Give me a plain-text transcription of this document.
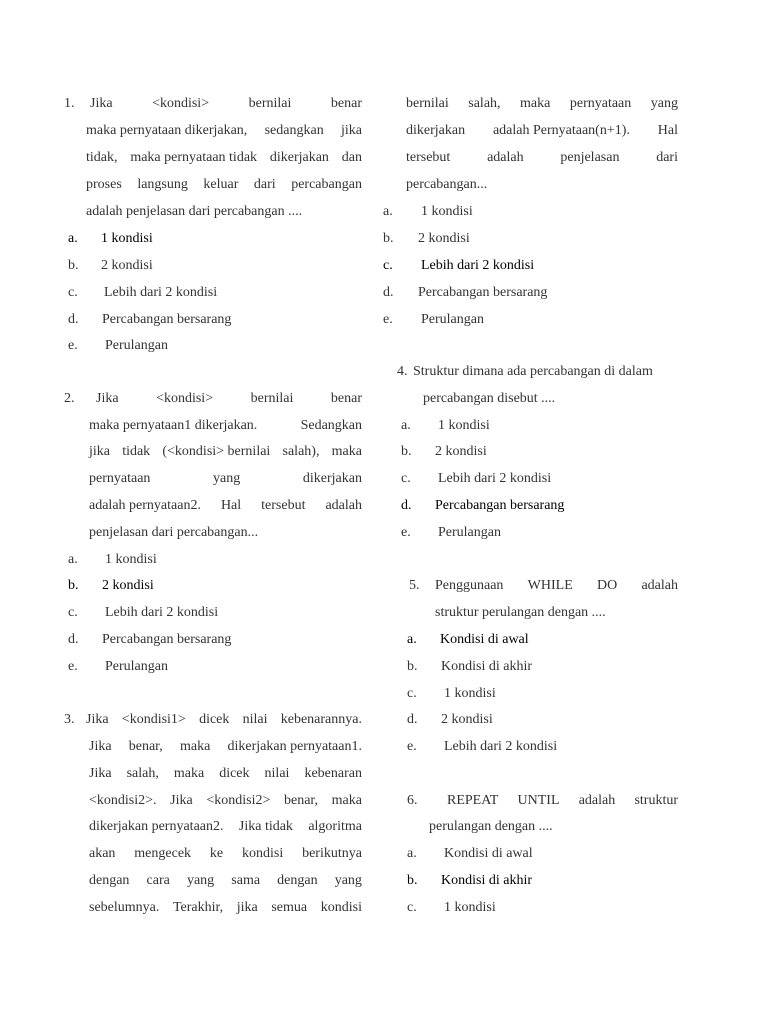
1. Jika	<kondisi>	bernilai	benar
maka pernyataan dikerjakan, sedangkan jika
tidak, maka pernyataan tidak dikerjakan dan
proses langsung keluar dari percabangan
adalah penjelasan dari percabangan ....
a. 1 kondisi
b. 2 kondisi
c. Lebih dari 2 kondisi
d. Percabangan bersarang
e. Perulangan
2. Jika	<kondisi>	bernilai	benar
maka pernyataan1 dikerjakan.	Sedangkan
jika tidak (<kondisi> bernilai salah), maka
pernyataan	yang	dikerjakan
adalah pernyataan2. Hal tersebut adalah
penjelasan dari percabangan...
a. 1 kondisi
b. 2 kondisi
c. Lebih dari 2 kondisi
d. Percabangan bersarang
e. Perulangan
3. Jika <kondisi1> dicek nilai kebenarannya.
Jika benar, maka dikerjakan pernyataan1.
Jika salah, maka dicek nilai kebenaran
<kondisi2>. Jika <kondisi2> benar, maka
dikerjakan pernyataan2. Jika tidak algoritma
akan mengecek ke kondisi berikutnya
dengan cara yang sama dengan yang
sebelumnya. Terakhir, jika semua kondisi
bernilai salah, maka pernyataan yang
dikerjakan adalah Pernyataan(n+1). Hal
tersebut	adalah	penjelasan	dari
percabangan...
a. 1 kondisi
b. 2 kondisi
c. Lebih dari 2 kondisi
d. Percabangan bersarang
e. Perulangan
4. Struktur dimana ada percabangan di dalam
percabangan disebut ....
a. 1 kondisi
b. 2 kondisi
c. Lebih dari 2 kondisi
d. Percabangan bersarang
e. Perulangan
5. Penggunaan WHILE DO adalah
struktur perulangan dengan ....
a. Kondisi di awal
b. Kondisi di akhir
c. 1 kondisi
d. 2 kondisi
e. Lebih dari 2 kondisi
6. REPEAT UNTIL adalah struktur
perulangan dengan ....
a. Kondisi di awal
b. Kondisi di akhir
c. 1 kondisi
